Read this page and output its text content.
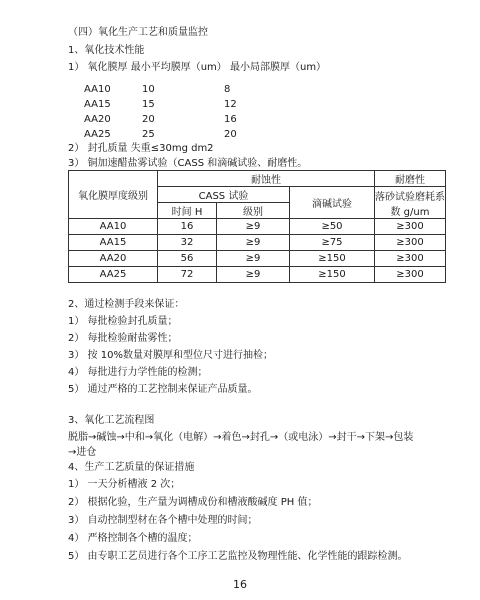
（四）氧化生产工艺和质量监控
1、氧化技术性能
1） 氧化膜厚 最小平均膜厚（um） 最小局部膜厚（um）
AA10	10	8
AA15	15	12
AA20	20	16
AA25	25	20
2） 封孔质量 失重≤30mg dm2
3） 铜加速醋盐雾试验（CASS 和滴碱试验、耐磨性。
氧化膜厚度级别	耐蚀性			耐磨性
	CASS 试验		滴碱试验	落砂试验磨耗系数 g/um
	时间 H	级别		
AA10	16	≥9	≥50	≥300
AA15	32	≥9	≥75	≥300
AA20	56	≥9	≥150	≥300
AA25	72	≥9	≥150	≥300
2、通过检测手段来保证：
1） 每批检验封孔质量；
2） 每批检验耐盐雾性；
3） 按 10%数量对膜厚和型位尺寸进行抽检；
4） 每批进行力学性能的检测；
5） 通过严格的工艺控制来保证产品质量。
3、氧化工艺流程图
脱脂→碱蚀→中和→氧化（电解）→着色→封孔→（或电泳）→封干→下架→包装
→进仓
4、生产工艺质量的保证措施
1） 一天分析槽液 2 次；
2） 根据化验，生产量为调槽成份和槽液酸碱度 PH 值；
3） 自动控制型材在各个槽中处理的时间；
4） 严格控制各个槽的温度；
5） 由专职工艺员进行各个工序工艺监控及物理性能、化学性能的跟踪检测。
16
